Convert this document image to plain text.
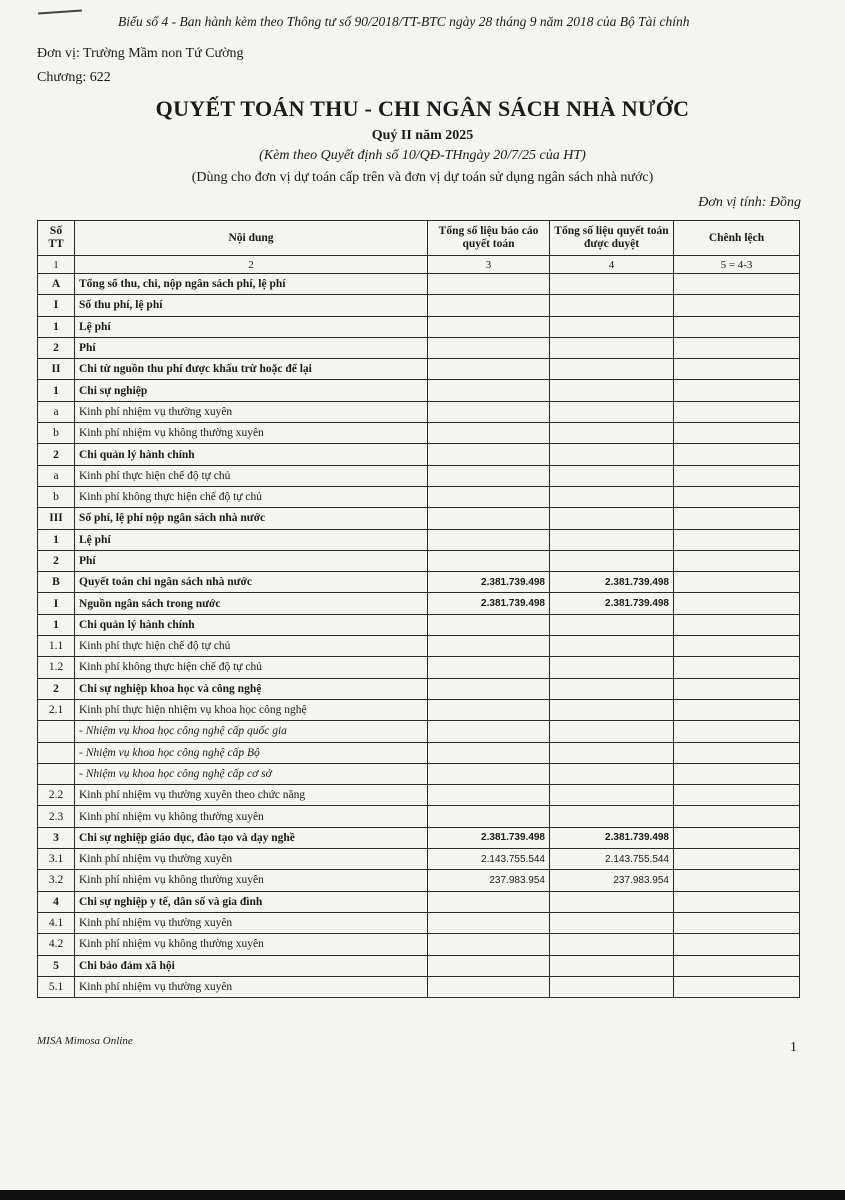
Biểu số 4 - Ban hành kèm theo Thông tư số 90/2018/TT-BTC ngày 28 tháng 9 năm 2018 của Bộ Tài chính
Đơn vị: Trường Mầm non Tứ Cường
Chương: 622
QUYẾT TOÁN THU - CHI NGÂN SÁCH NHÀ NƯỚC
Quý II năm 2025
(Kèm theo Quyết định số 10/QĐ-THngày 20/7/25 của HT)
(Dùng cho đơn vị dự toán cấp trên và đơn vị dự toán sử dụng ngân sách nhà nước)
Đơn vị tính: Đồng
Số TT	Nội dung	Tổng số liệu báo cáo quyết toán	Tổng số liệu quyết toán được duyệt	Chênh lệch
1	2	3	4	5 = 4-3
A	Tổng số thu, chi, nộp ngân sách phí, lệ phí			
I	Số thu phí, lệ phí			
1	Lệ phí			
2	Phí			
II	Chi từ nguồn thu phí được khấu trừ hoặc để lại			
1	Chi sự nghiệp			
a	Kinh phí nhiệm vụ thường xuyên			
b	Kinh phí nhiệm vụ không thường xuyên			
2	Chi quản lý hành chính			
a	Kinh phí thực hiện chế độ tự chủ			
b	Kinh phí không thực hiện chế độ tự chủ			
III	Số phí, lệ phí nộp ngân sách nhà nước			
1	Lệ phí			
2	Phí			
B	Quyết toán chi ngân sách nhà nước	2.381.739.498	2.381.739.498	
I	Nguồn ngân sách trong nước	2.381.739.498	2.381.739.498	
1	Chi quản lý hành chính			
1.1	Kinh phí thực hiện chế độ tự chủ			
1.2	Kinh phí không thực hiện chế độ tự chủ			
2	Chi sự nghiệp khoa học và công nghệ			
2.1	Kinh phí thực hiện nhiệm vụ khoa học công nghệ			
	- Nhiệm vụ khoa học công nghệ cấp quốc gia			
	- Nhiệm vụ khoa học công nghệ cấp Bộ			
	- Nhiệm vụ khoa học công nghệ cấp cơ sở			
2.2	Kinh phí nhiệm vụ thường xuyên theo chức năng			
2.3	Kinh phí nhiệm vụ không thường xuyên			
3	Chi sự nghiệp giáo dục, đào tạo và dạy nghề	2.381.739.498	2.381.739.498	
3.1	Kinh phí nhiệm vụ thường xuyên	2.143.755.544	2.143.755.544	
3.2	Kinh phí nhiệm vụ không thường xuyên	237.983.954	237.983.954	
4	Chi sự nghiệp y tế, dân số và gia đình			
4.1	Kinh phí nhiệm vụ thường xuyên			
4.2	Kinh phí nhiệm vụ không thường xuyên			
5	Chi bảo đảm xã hội			
5.1	Kinh phí nhiệm vụ thường xuyên			
MISA Mimosa Online	1
